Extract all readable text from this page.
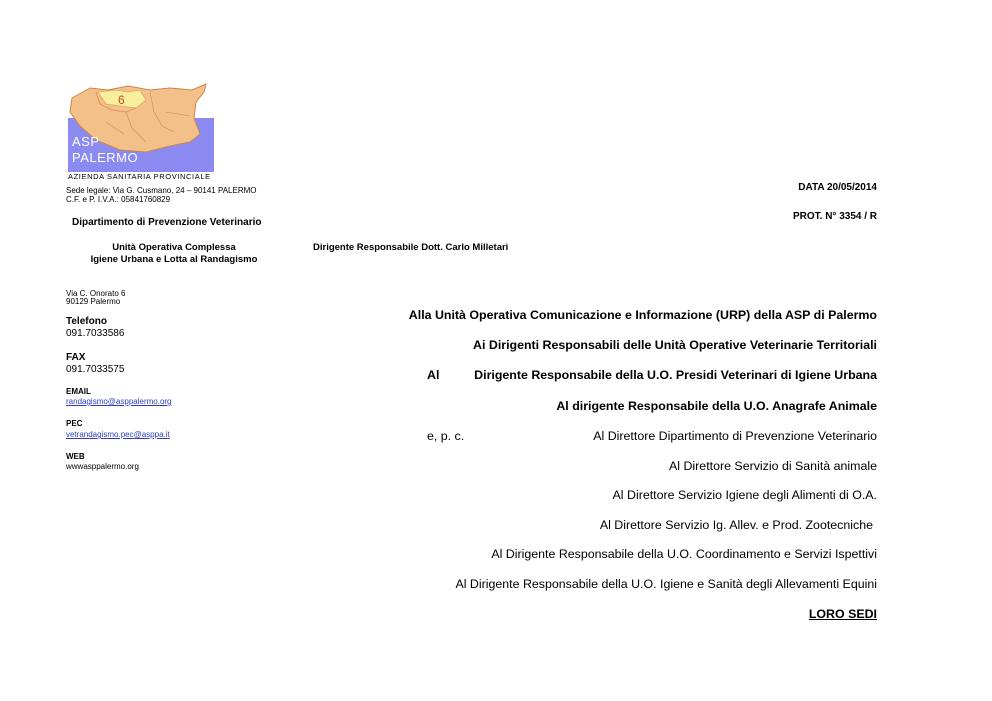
6
ASP
PALERMO
AZIENDA SANITARIA PROVINCIALE
Sede legale: Via G. Cusmano, 24 – 90141 PALERMO
C.F. e P. I.V.A.: 05841760829
Dipartimento di Prevenzione Veterinario
Unità Operativa Complessa
Igiene Urbana e Lotta al Randagismo
Dirigente Responsabile Dott. Carlo Milletarì
DATA 20/05/2014
PROT. N° 3354 / R
Via C. Onorato 6
90129 Palermo
Telefono
091.7033586
FAX
091.7033575
EMAIL
randagismo@asppalermo.org
PEC
vetrandagismo.pec@asppa.it
WEB
wwwasppalermo.org
Alla Unità Operativa Comunicazione e Informazione (URP) della ASP di Palermo
Ai Dirigenti Responsabili delle Unità Operative Veterinarie Territoriali
Al	Dirigente Responsabile della U.O. Presidi Veterinari di Igiene Urbana
Al dirigente Responsabile della U.O. Anagrafe Animale
e, p. c.	Al Direttore Dipartimento di Prevenzione Veterinario
Al Direttore Servizio di Sanità animale
Al Direttore Servizio Igiene degli Alimenti di O.A.
Al Direttore Servizio Ig. Allev. e Prod. Zootecniche
Al Dirigente Responsabile della U.O. Coordinamento e Servizi Ispettivi
Al Dirigente Responsabile della U.O. Igiene e Sanità degli Allevamenti Equini
LORO SEDI
